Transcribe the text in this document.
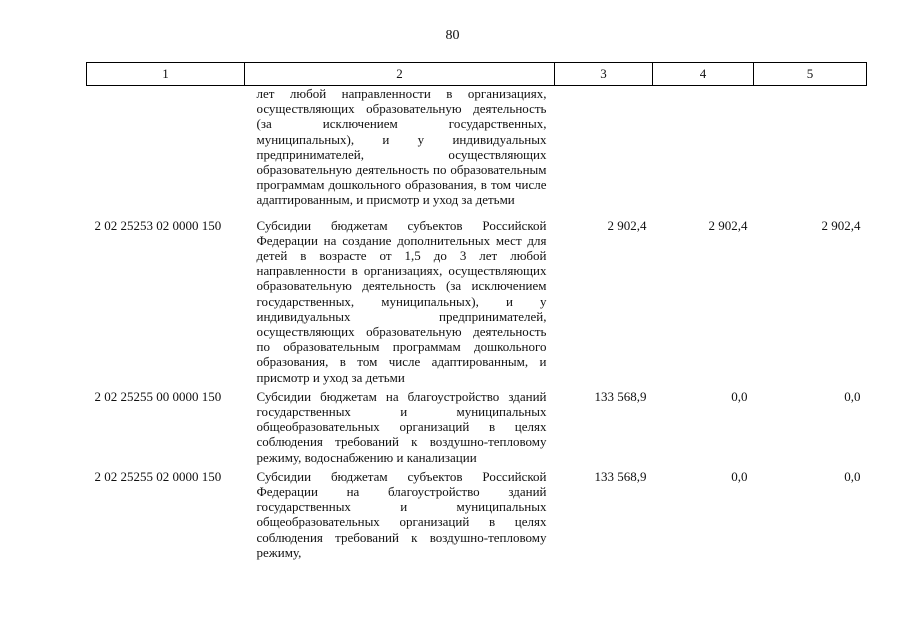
80
1	2	3	4	5
	лет любой направленности в организациях, осуществляющих образовательную деятельность (за исключением государственных, муниципальных), и у индивидуальных предпринимателей, осуществляющих образовательную деятельность по образовательным программам дошкольного образования, в том числе адаптированным, и присмотр и уход за детьми			
2 02 25253 02 0000 150	Субсидии бюджетам субъектов Российской Федерации на создание дополнительных мест для детей в возрасте от 1,5 до 3 лет любой направленности в организациях, осуществляющих образовательную деятельность (за исключением государственных, муниципальных), и у индивидуальных предпринимателей, осуществляющих образовательную деятельность по образовательным программам дошкольного образования, в том числе адаптированным, и присмотр и уход за детьми	2 902,4	2 902,4	2 902,4
2 02 25255 00 0000 150	Субсидии бюджетам на благоустройство зданий государственных и муниципальных общеобразовательных организаций в целях соблюдения требований к воздушно-тепловому режиму, водоснабжению и канализации	133 568,9	0,0	0,0
2 02 25255 02 0000 150	Субсидии бюджетам субъектов Российской Федерации на благоустройство зданий государственных и муниципальных общеобразовательных организаций в целях соблюдения требований к воздушно-тепловому режиму,	133 568,9	0,0	0,0
